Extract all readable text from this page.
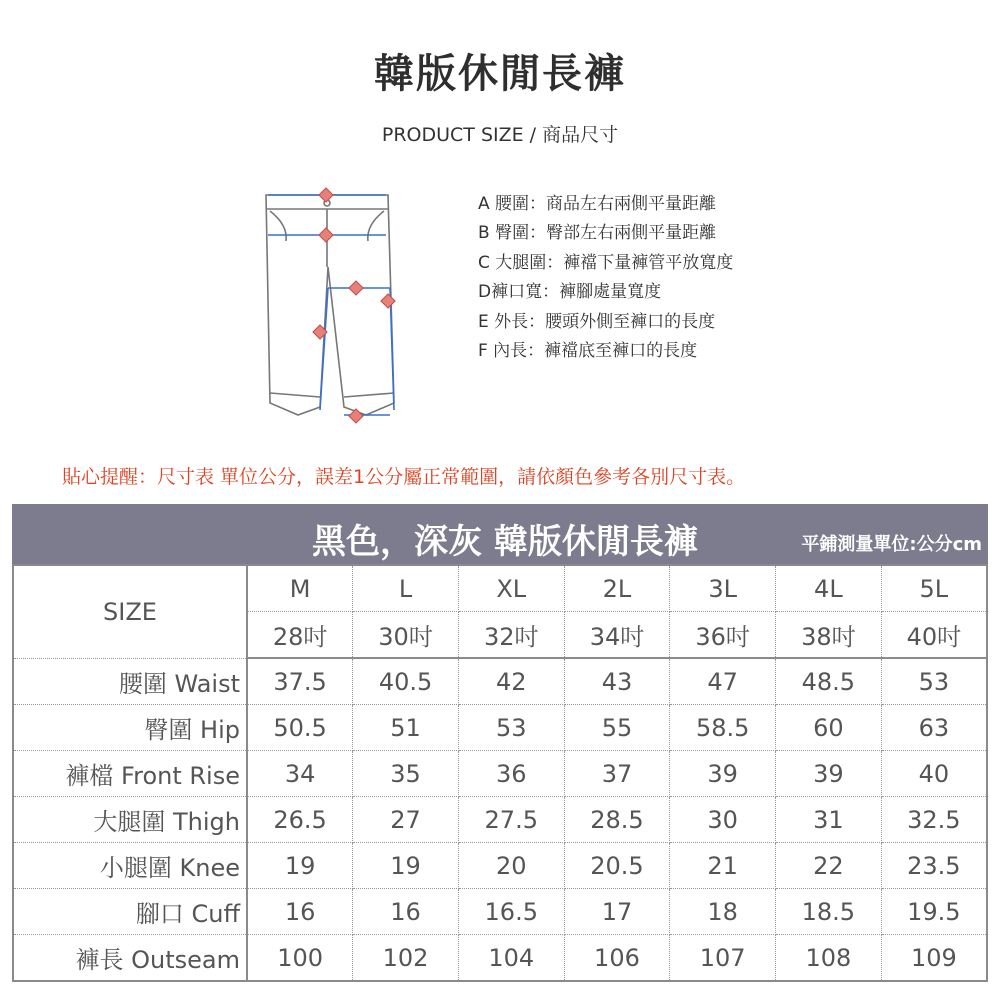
韓版休閒長褲
PRODUCT SIZE / 商品尺寸
A 腰圍：商品左右兩側平量距離
B 臀圍：臀部左右兩側平量距離
C 大腿圍：褲襠下量褲管平放寬度
D褲口寬：褲腳處量寬度
E 外長：腰頭外側至褲口的長度
F 內長：褲襠底至褲口的長度
貼心提醒：尺寸表 單位公分，誤差1公分屬正常範圍，請依顏色參考各別尺寸表。
黑色，深灰 韓版休閒長褲	平鋪測量單位:公分cm
SIZE	M	L	XL	2L	3L	4L	5L
	28吋	30吋	32吋	34吋	36吋	38吋	40吋
腰圍 Waist	37.5	40.5	42	43	47	48.5	53
臀圍 Hip	50.5	51	53	55	58.5	60	63
褲檔 Front Rise	34	35	36	37	39	39	40
大腿圍 Thigh	26.5	27	27.5	28.5	30	31	32.5
小腿圍 Knee	19	19	20	20.5	21	22	23.5
腳口 Cuff	16	16	16.5	17	18	18.5	19.5
褲長 Outseam	100	102	104	106	107	108	109
